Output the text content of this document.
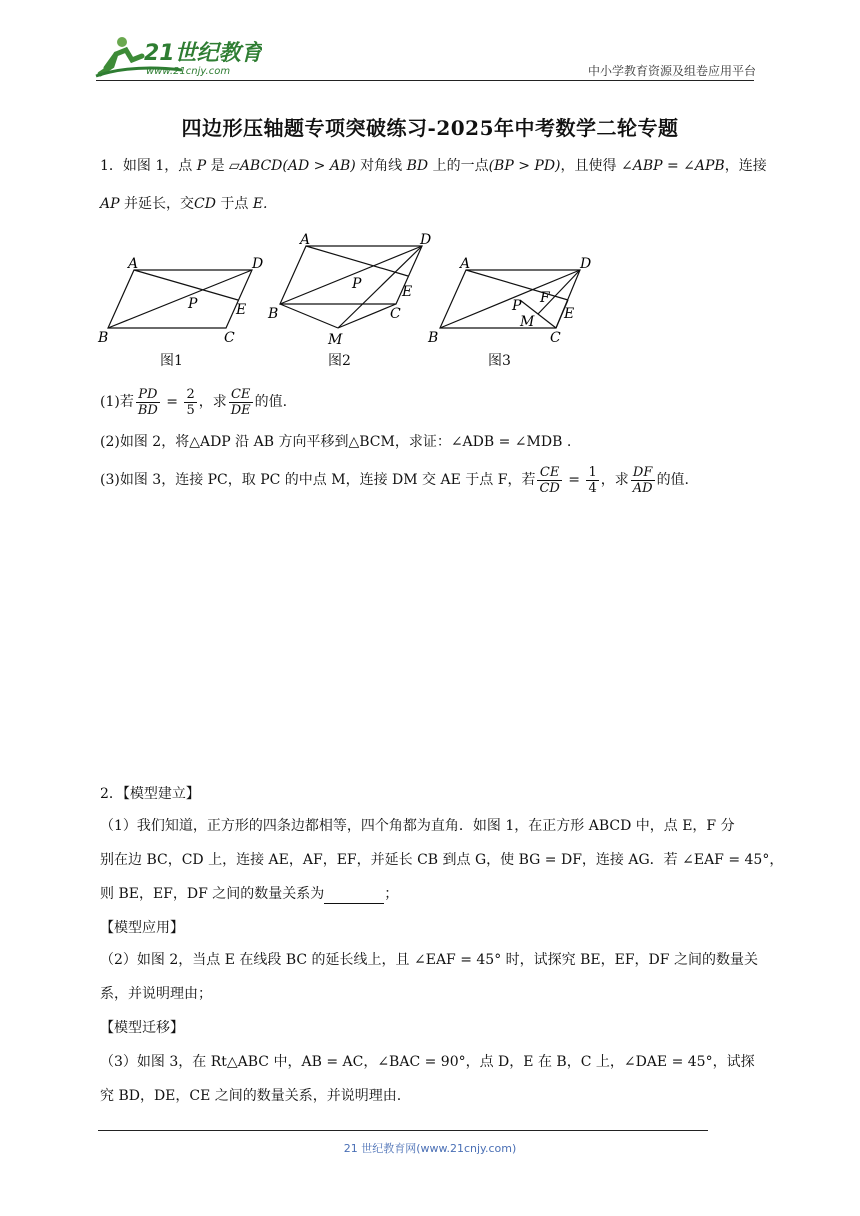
21世纪教育
www.21cnjy.com	中小学教育资源及组卷应用平台
四边形压轴题专项突破练习-2025年中考数学二轮专题
1．如图 1，点 P 是 ▱ABCD(AD > AB) 对角线 BD 上的一点(BP > PD)，且使得 ∠ABP = ∠APB，连接
AP 并延长，交CD 于点 E.
A	D
B	C
P	E
图1
A	D
B	C
P	E
M
图2
A	D
B	C
P F
M E
图3
(1)若 $\frac{PD}{BD} = \frac{2}{5}$ ，求 $\frac{CE}{DE}$ 的值.
(2)如图 2，将△ADP 沿 AB 方向平移到△BCM，求证：∠ADB = ∠MDB .
(3)如图 3，连接 PC，取 PC 的中点 M，连接 DM 交 AE 于点 F，若 $\frac{CE}{CD} = \frac{1}{4}$ ，求 $\frac{DF}{AD}$ 的值.
2．【模型建立】
（1）我们知道，正方形的四条边都相等，四个角都为直角．如图 1，在正方形 ABCD 中，点 E，F 分
别在边 BC，CD 上，连接 AE，AF，EF，并延长 CB 到点 G，使 BG = DF，连接 AG．若 ∠EAF = 45°，
则 BE，EF，DF 之间的数量关系为	；
【模型应用】
（2）如图 2，当点 E 在线段 BC 的延长线上，且 ∠EAF = 45° 时，试探究 BE，EF，DF 之间的数量关
系，并说明理由；
【模型迁移】
（3）如图 3，在 Rt△ABC 中，AB = AC，∠BAC = 90°，点 D，E 在 B，C 上，∠DAE = 45°，试探
究 BD，DE，CE 之间的数量关系，并说明理由.
21 世纪教育网(www.21cnjy.com)
